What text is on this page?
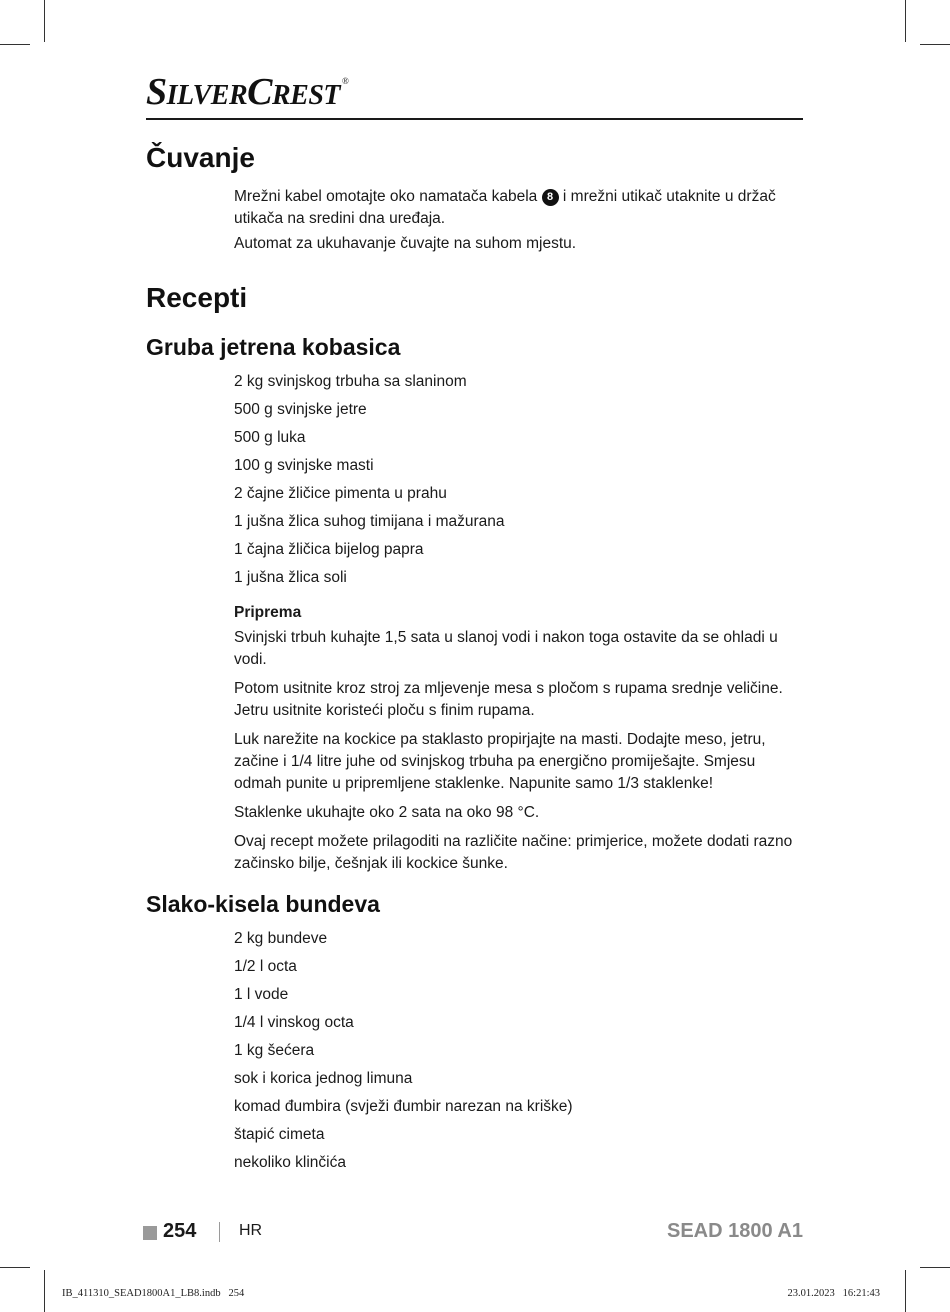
SILVERCREST ®
Čuvanje

Mrežni kabel omotajte oko namatača kabela 8 i mrežni utikač utaknite u držač utikača na sredini dna uređaja.

Automat za ukuhavanje čuvajte na suhom mjestu.

Recepti
Gruba jetrena kobasica
2 kg svinjskog trbuha sa slaninom
500 g svinjske jetre
500 g luka
100 g svinjske masti
2 čajne žličice pimenta u prahu
1 jušna žlica suhog timijana i mažurana
1 čajna žličica bijelog papra
1 jušna žlica soli

Priprema

Svinjski trbuh kuhajte 1,5 sata u slanoj vodi i nakon toga ostavite da se ohladi u vodi.

Potom usitnite kroz stroj za mljevenje mesa s pločom s rupama srednje veličine. Jetru usitnite koristeći ploču s finim rupama.

Luk narežite na kockice pa staklasto propirjajte na masti. Dodajte meso, jetru, začine i 1/4 litre juhe od svinjskog trbuha pa energično promiješajte. Smjesu odmah punite u pripremljene staklenke. Napunite samo 1/3 staklenke!

Staklenke ukuhajte oko 2 sata na oko 98 °C.

Ovaj recept možete prilagoditi na različite načine: primjerice, možete dodati razno začinsko bilje, češnjak ili kockice šunke.

Slako-kisela bundeva
2 kg bundeve
1/2 l octa
1 l vode
1/4 l vinskog octa
1 kg šećera
sok i korica jednog limuna
komad đumbira (svježi đumbir narezan na kriške)
štapić cimeta
nekoliko klinčića
254	HR	SEAD 1800 A1
IB_411310_SEAD1800A1_LB8.indb   254	23.01.2023   16:21:43
